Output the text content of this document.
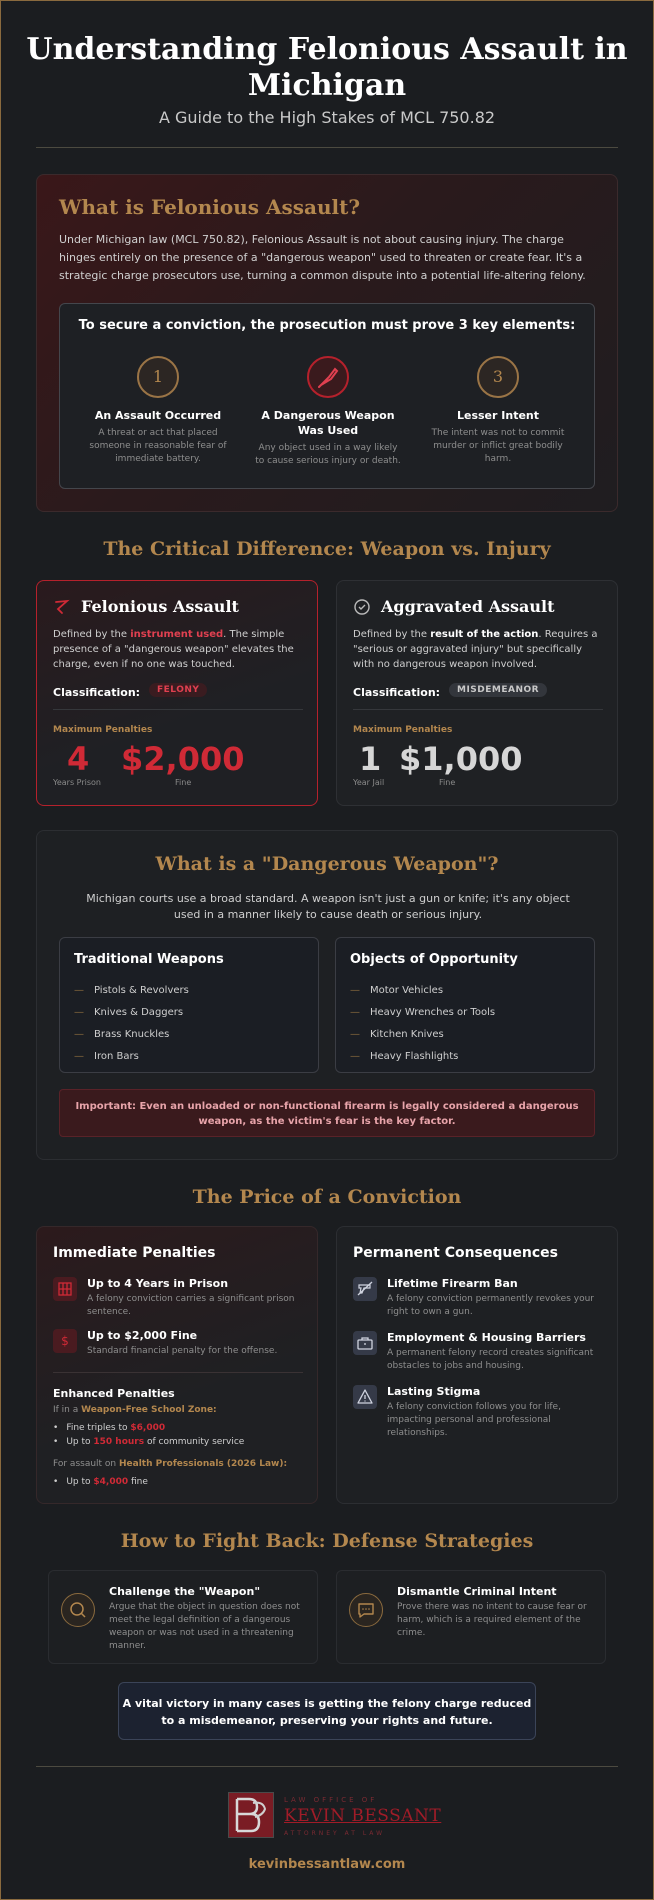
Understanding Felonious Assault in Michigan
A Guide to the High Stakes of MCL 750.82
What is Felonious Assault?
Under Michigan law (MCL 750.82), Felonious Assault is not about causing injury. The charge hinges entirely on the presence of a "dangerous weapon" used to threaten or create fear. It's a strategic charge prosecutors use, turning a common dispute into a potential life-altering felony.
To secure a conviction, the prosecution must prove 3 key elements:
1
An Assault Occurred
A threat or act that placed someone in reasonable fear of immediate battery.
A Dangerous Weapon Was Used
Any object used in a way likely to cause serious injury or death.
3
Lesser Intent
The intent was not to commit murder or inflict great bodily harm.
The Critical Difference: Weapon vs. Injury
Felonious Assault
Defined by the instrument used. The simple presence of a "dangerous weapon" elevates the charge, even if no one was touched.
Classification:	FELONY
Maximum Penalties
4
Years Prison
$2,000
Fine
Aggravated Assault
Defined by the result of the action. Requires a "serious or aggravated injury" but specifically with no dangerous weapon involved.
Classification:	MISDEMEANOR
Maximum Penalties
1
Year Jail
$1,000
Fine
What is a "Dangerous Weapon"?
Michigan courts use a broad standard. A weapon isn't just a gun or knife; it's any object used in a manner likely to cause death or serious injury.
Traditional Weapons
— Pistols & Revolvers
— Knives & Daggers
— Brass Knuckles
— Iron Bars
Objects of Opportunity
— Motor Vehicles
— Heavy Wrenches or Tools
— Kitchen Knives
— Heavy Flashlights
Important: Even an unloaded or non-functional firearm is legally considered a dangerous weapon, as the victim's fear is the key factor.
The Price of a Conviction
Immediate Penalties
Up to 4 Years in Prison
A felony conviction carries a significant prison sentence.
$	Up to $2,000 Fine
Standard financial penalty for the offense.
Enhanced Penalties
If in a Weapon-Free School Zone:
• Fine triples to $6,000
• Up to 150 hours of community service
For assault on Health Professionals (2026 Law):
• Up to $4,000 fine
Permanent Consequences
Lifetime Firearm Ban
A felony conviction permanently revokes your right to own a gun.
Employment & Housing Barriers
A permanent felony record creates significant obstacles to jobs and housing.
Lasting Stigma
A felony conviction follows you for life, impacting personal and professional relationships.
How to Fight Back: Defense Strategies
Challenge the "Weapon"
Argue that the object in question does not meet the legal definition of a dangerous weapon or was not used in a threatening manner.
Dismantle Criminal Intent
Prove there was no intent to cause fear or harm, which is a required element of the crime.
A vital victory in many cases is getting the felony charge reduced to a misdemeanor, preserving your rights and future.
LAW OFFICE OF
KEVIN BESSANT
ATTORNEY AT LAW
kevinbessantlaw.com
